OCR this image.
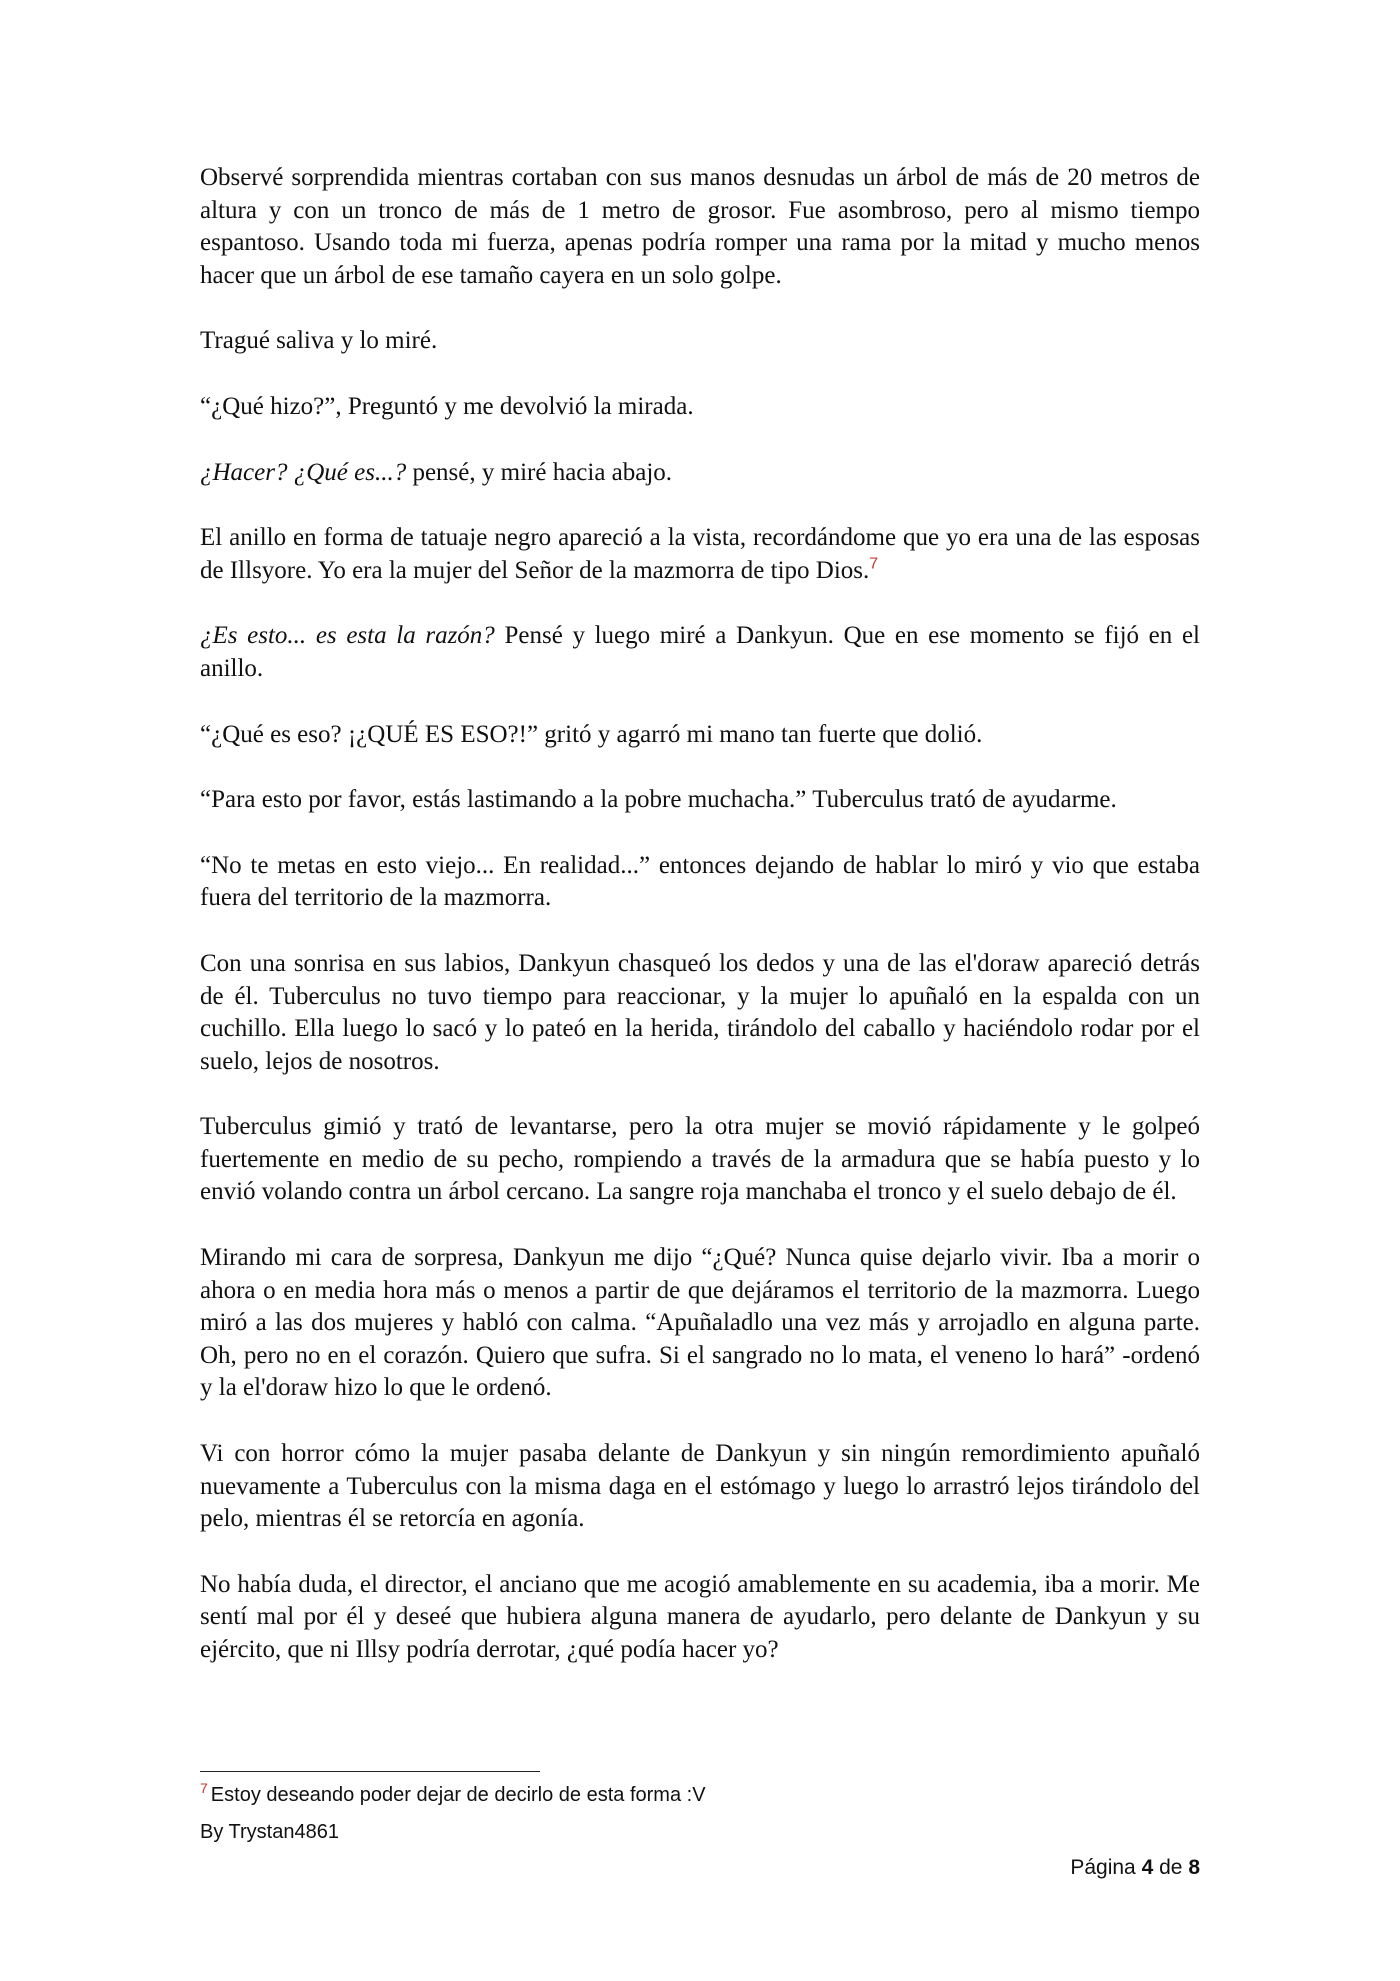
Observé sorprendida mientras cortaban con sus manos desnudas un árbol de más de 20 metros de altura y con un tronco de más de 1 metro de grosor. Fue asombroso, pero al mismo tiempo espantoso. Usando toda mi fuerza, apenas podría romper una rama por la mitad y mucho menos hacer que un árbol de ese tamaño cayera en un solo golpe.

Tragué saliva y lo miré.

“¿Qué hizo?”, Preguntó y me devolvió la mirada.

¿Hacer? ¿Qué es...? pensé, y miré hacia abajo.

El anillo en forma de tatuaje negro apareció a la vista, recordándome que yo era una de las esposas de Illsyore. Yo era la mujer del Señor de la mazmorra de tipo Dios.$^7$

¿Es esto... es esta la razón? Pensé y luego miré a Dankyun. Que en ese momento se fijó en el anillo.

“¿Qué es eso? ¡¿QUÉ ES ESO?!” gritó y agarró mi mano tan fuerte que dolió.

“Para esto por favor, estás lastimando a la pobre muchacha.” Tuberculus trató de ayudarme.

“No te metas en esto viejo... En realidad...” entonces dejando de hablar lo miró y vio que estaba fuera del territorio de la mazmorra.

Con una sonrisa en sus labios, Dankyun chasqueó los dedos y una de las el'doraw apareció detrás de él. Tuberculus no tuvo tiempo para reaccionar, y la mujer lo apuñaló en la espalda con un cuchillo. Ella luego lo sacó y lo pateó en la herida, tirándolo del caballo y haciéndolo rodar por el suelo, lejos de nosotros.

Tuberculus gimió y trató de levantarse, pero la otra mujer se movió rápidamente y le golpeó fuertemente en medio de su pecho, rompiendo a través de la armadura que se había puesto y lo envió volando contra un árbol cercano. La sangre roja manchaba el tronco y el suelo debajo de él.

Mirando mi cara de sorpresa, Dankyun me dijo “¿Qué? Nunca quise dejarlo vivir. Iba a morir o ahora o en media hora más o menos a partir de que dejáramos el territorio de la mazmorra. Luego miró a las dos mujeres y habló con calma. “Apuñaladlo una vez más y arrojadlo en alguna parte. Oh, pero no en el corazón. Quiero que sufra. Si el sangrado no lo mata, el veneno lo hará” -ordenó y la el'doraw hizo lo que le ordenó.

Vi con horror cómo la mujer pasaba delante de Dankyun y sin ningún remordimiento apuñaló nuevamente a Tuberculus con la misma daga en el estómago y luego lo arrastró lejos tirándolo del pelo, mientras él se retorcía en agonía.

No había duda, el director, el anciano que me acogió amablemente en su academia, iba a morir. Me sentí mal por él y deseé que hubiera alguna manera de ayudarlo, pero delante de Dankyun y su ejército, que ni Illsy podría derrotar, ¿qué podía hacer yo?

$^7$ Estoy deseando poder dejar de decirlo de esta forma :V
By Trystan4861
Página 4 de 8
